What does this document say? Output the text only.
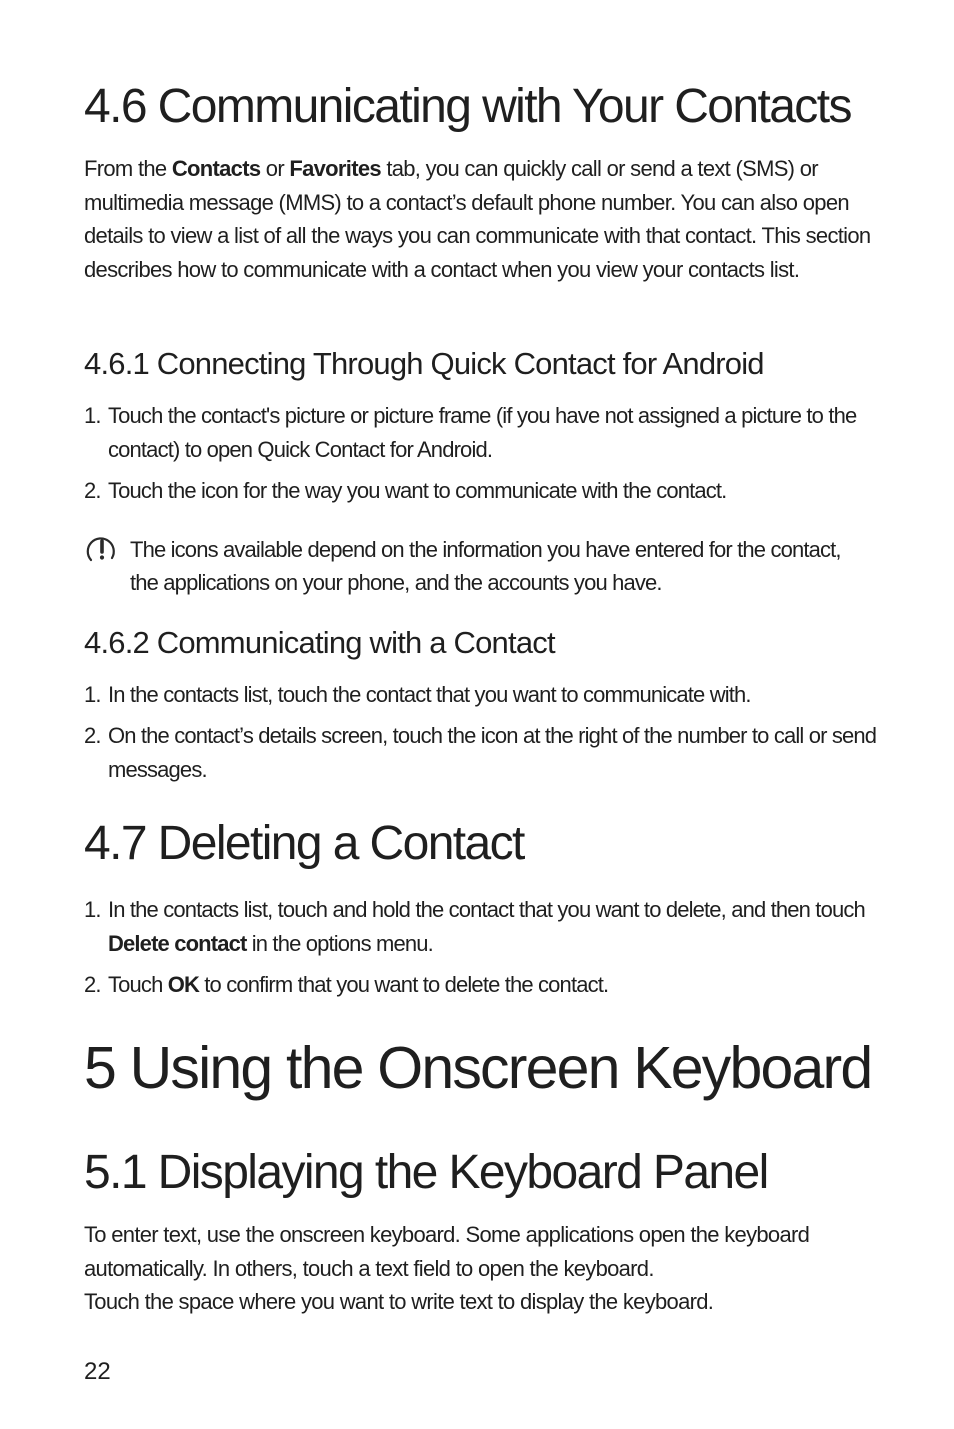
4.6 Communicating with Your Contacts

From the Contacts or Favorites tab, you can quickly call or send a text (SMS) or multimedia message (MMS) to a contact’s default phone number. You can also open details to view a list of all the ways you can communicate with that contact. This section describes how to communicate with a contact when you view your contacts list.

4.6.1 Connecting Through Quick Contact for Android
1. Touch the contact's picture or picture frame (if you have not assigned a picture to the contact) to open Quick Contact for Android.
2. Touch the icon for the way you want to communicate with the contact.

The icons available depend on the information you have entered for the contact, the applications on your phone, and the accounts you have.

4.6.2 Communicating with a Contact
1. In the contacts list, touch the contact that you want to communicate with.
2. On the contact’s details screen, touch the icon at the right of the number to call or send messages.
4.7 Deleting a Contact
1. In the contacts list, touch and hold the contact that you want to delete, and then touch Delete contact in the options menu.
2. Touch OK to confirm that you want to delete the contact.
5 Using the Onscreen Keyboard
5.1 Displaying the Keyboard Panel

To enter text, use the onscreen keyboard. Some applications open the keyboard automatically. In others, touch a text field to open the keyboard.

Touch the space where you want to write text to display the keyboard.

22
